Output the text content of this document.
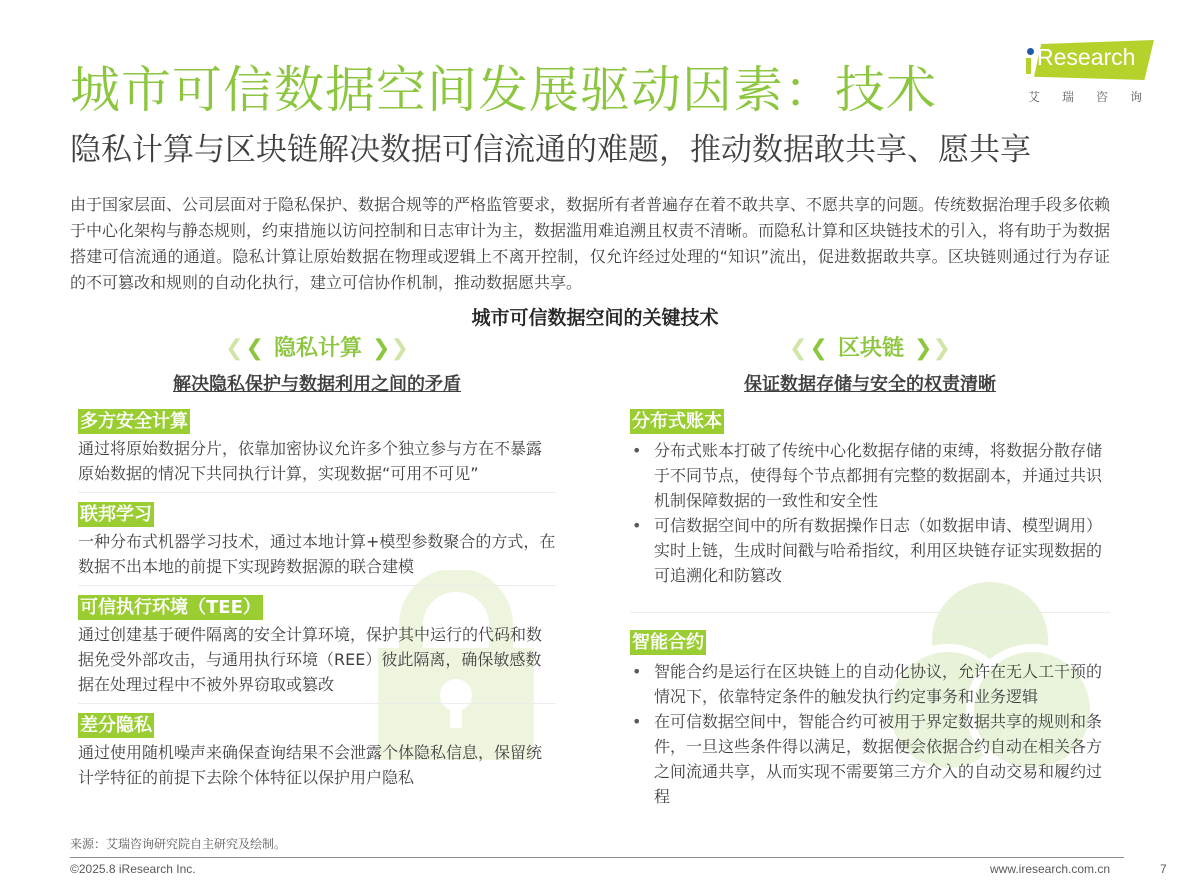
城市可信数据空间发展驱动因素：技术
隐私计算与区块链解决数据可信流通的难题，推动数据敢共享、愿共享
Research
艾瑞咨询
由于国家层面、公司层面对于隐私保护、数据合规等的严格监管要求，数据所有者普遍存在着不敢共享、不愿共享的问题。传统数据治理手段多依赖于中心化架构与静态规则，约束措施以访问控制和日志审计为主，数据滥用难追溯且权责不清晰。而隐私计算和区块链技术的引入，将有助于为数据搭建可信流通的通道。隐私计算让原始数据在物理或逻辑上不离开控制，仅允许经过处理的“知识”流出，促进数据敢共享。区块链则通过行为存证的不可篡改和规则的自动化执行，建立可信协作机制，推动数据愿共享。
城市可信数据空间的关键技术
❮❮ 隐私计算 ❯❯
解决隐私保护与数据利用之间的矛盾
多方安全计算
通过将原始数据分片，依靠加密协议允许多个独立参与方在不暴露原始数据的情况下共同执行计算，实现数据“可用不可见”
联邦学习
一种分布式机器学习技术，通过本地计算+模型参数聚合的方式，在数据不出本地的前提下实现跨数据源的联合建模
可信执行环境（TEE）
通过创建基于硬件隔离的安全计算环境，保护其中运行的代码和数据免受外部攻击，与通用执行环境（REE）彼此隔离，确保敏感数据在处理过程中不被外界窃取或篡改
差分隐私
通过使用随机噪声来确保查询结果不会泄露个体隐私信息，保留统计学特征的前提下去除个体特征以保护用户隐私
❮❮ 区块链 ❯❯
保证数据存储与安全的权责清晰
分布式账本
• 分布式账本打破了传统中心化数据存储的束缚，将数据分散存储于不同节点，使得每个节点都拥有完整的数据副本，并通过共识机制保障数据的一致性和安全性
• 可信数据空间中的所有数据操作日志（如数据申请、模型调用）实时上链，生成时间戳与哈希指纹，利用区块链存证实现数据的可追溯化和防篡改
智能合约
• 智能合约是运行在区块链上的自动化协议，允许在无人工干预的情况下，依靠特定条件的触发执行约定事务和业务逻辑
• 在可信数据空间中，智能合约可被用于界定数据共享的规则和条件，一旦这些条件得以满足，数据便会依据合约自动在相关各方之间流通共享，从而实现不需要第三方介入的自动交易和履约过程
来源：艾瑞咨询研究院自主研究及绘制。
©2025.8 iResearch Inc.	www.iresearch.com.cn	7
